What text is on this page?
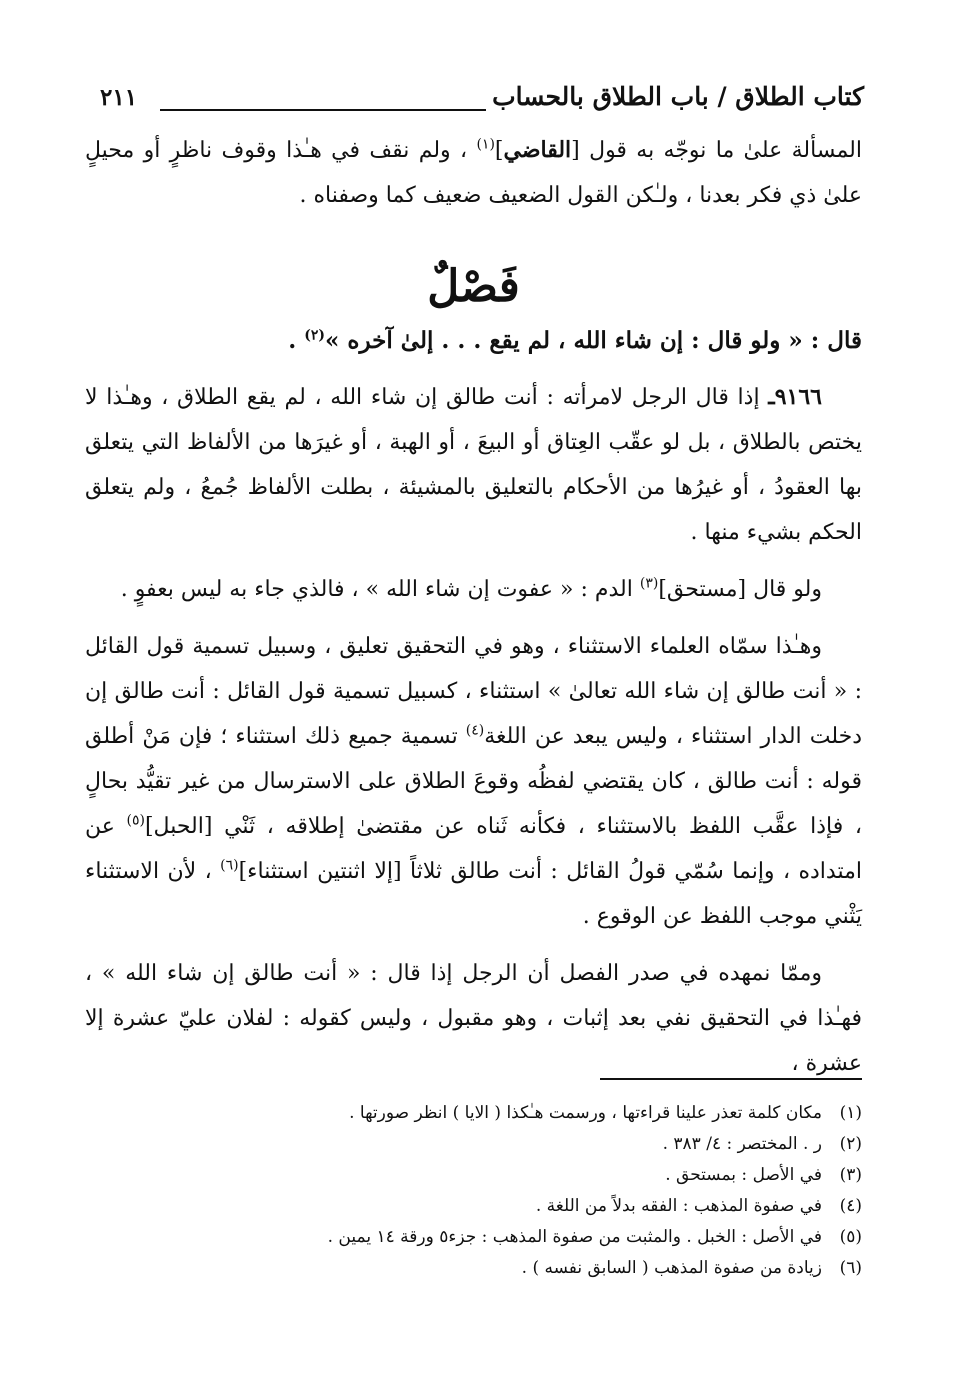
كتاب الطلاق / باب الطلاق بالحساب
٢١١

المسألة علىٰ ما نوجّه به قول [القاضي]$^{(١)}$ ، ولم نقف في هـٰذا وقوف ناظرٍ أو محيلٍ علىٰ ذي فكر بعدنا ، ولـٰكن القول الضعيف ضعيف كما وصفناه .

فَصْلٌ

قال : « ولو قال : إن شاء الله ، لم يقع . . . إلىٰ آخره »$^{(٢)}$ .

٩١٦٦ـ إذا قال الرجل لامرأته : أنت طالق إن شاء الله ، لم يقع الطلاق ، وهـٰذا لا يختص بالطلاق ، بل لو عقّب العِتاق أو البيعَ ، أو الهبة ، أو غيرَها من الألفاظ التي يتعلق بها العقودُ ، أو غيرُها من الأحكام بالتعليق بالمشيئة ، بطلت الألفاظ جُمعُ ، ولم يتعلق الحكم بشيء منها .

ولو قال [مستحق]$^{(٣)}$ الدم : « عفوت إن شاء الله » ، فالذي جاء به ليس بعفوٍ .

وهـٰذا سمّاه العلماء الاستثناء ، وهو في التحقيق تعليق ، وسبيل تسمية قول القائل : « أنت طالق إن شاء الله تعالىٰ » استثناء ، كسبيل تسمية قول القائل : أنت طالق إن دخلت الدار استثناء ، وليس يبعد عن اللغة$^{(٤)}$ تسمية جميع ذلك استثناء ؛ فإن مَنْ أطلق قوله : أنت طالق ، كان يقتضي لفظُه وقوعَ الطلاق على الاسترسال من غير تقيُّد بحالٍ ، فإذا عقَّب اللفظ بالاستثناء ، فكأنه ثَناه عن مقتضىٰ إطلاقه ، ثَنْي [الحبل]$^{(٥)}$ عن امتداده ، وإنما سُمّي قولُ القائل : أنت طالق ثلاثاً [إلا اثنتين استثناء]$^{(٦)}$ ، لأن الاستثناء يَثْني موجب اللفظ عن الوقوع .

وممّا نمهده في صدر الفصل أن الرجل إذا قال : « أنت طالق إن شاء الله » ، فهـٰذا في التحقيق نفي بعد إثبات ، وهو مقبول ، وليس كقوله : لفلان عليّ عشرة إلا عشرة ،

(١)
مكان كلمة تعذر علينا قراءتها ، ورسمت هـٰكذا ( الايا ) انظر صورتها .
(٢)
ر . المختصر : ٤/ ٣٨٣ .
(٣)
في الأصل : بمستحق .
(٤)
في صفوة المذهب : الفقه بدلاً من اللغة .
(٥)
في الأصل : الخبل . والمثبت من صفوة المذهب : جزء٥ ورقة ١٤ يمين .
(٦)
زيادة من صفوة المذهب ( السابق نفسه ) .
